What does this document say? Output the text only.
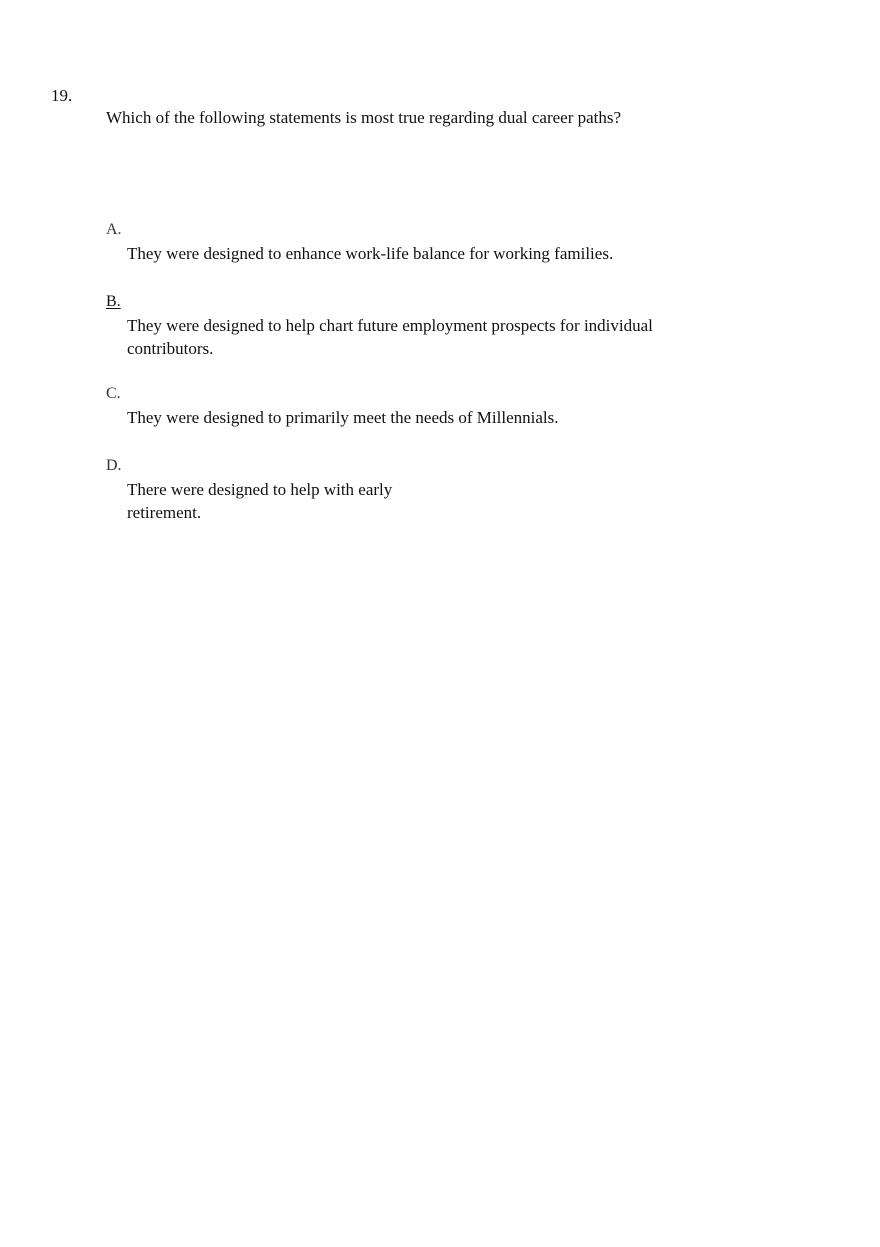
19.
Which of the following statements is most true regarding dual career paths?
A.
They were designed to enhance work-life balance for working families.
B.
They were designed to help chart future employment prospects for individual contributors.
C.
They were designed to primarily meet the needs of Millennials.
D.
There were designed to help with early retirement.
